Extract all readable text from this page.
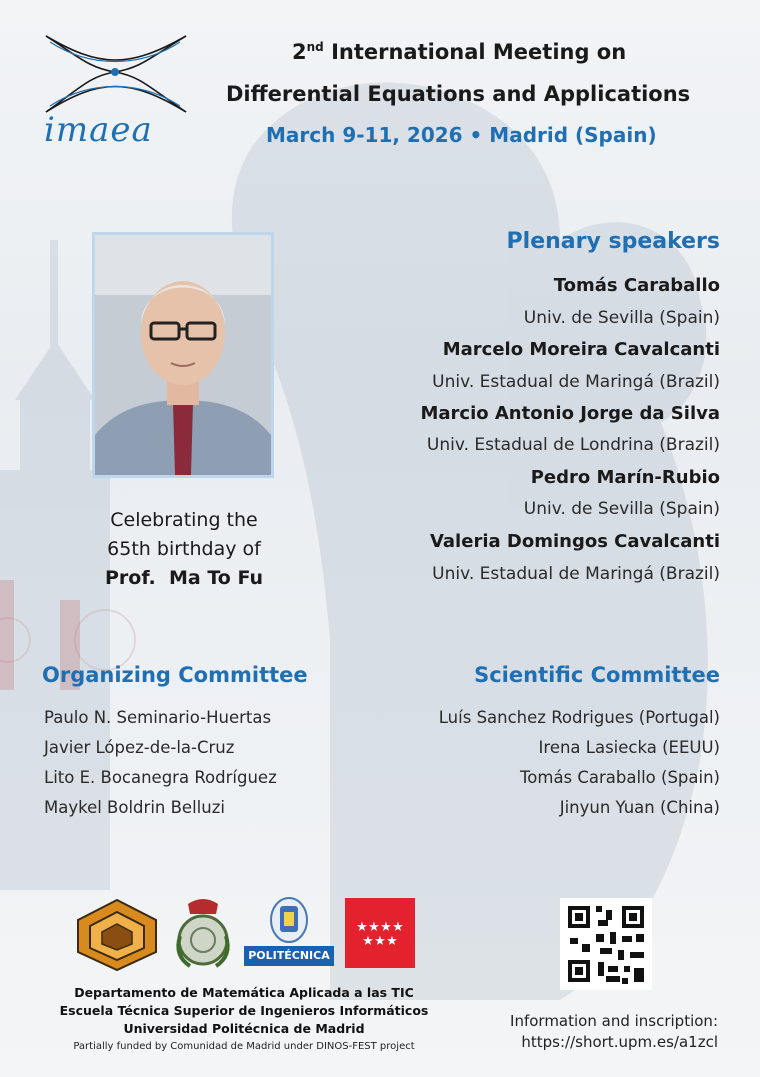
imaea
2nd International Meeting on
Differential Equations and Applications
March 9-11, 2026 • Madrid (Spain)
Celebrating the
65th birthday of
Prof.  Ma To Fu
Plenary speakers
Tomás Caraballo
Univ. de Sevilla (Spain)
Marcelo Moreira Cavalcanti
Univ. Estadual de Maringá (Brazil)
Marcio Antonio Jorge da Silva
Univ. Estadual de Londrina (Brazil)
Pedro Marín-Rubio
Univ. de Sevilla (Spain)
Valeria Domingos Cavalcanti
Univ. Estadual de Maringá (Brazil)
Organizing Committee
Paulo N. Seminario-Huertas
Javier López-de-la-Cruz
Lito E. Bocanegra Rodríguez
Maykel Boldrin Belluzi
Scientific Committee
Luís Sanchez Rodrigues (Portugal)
Irena Lasiecka (EEUU)
Tomás Caraballo (Spain)
Jinyun Yuan (China)
POLITÉCNICA
★ ★ ★ ★
★ ★ ★
Departamento de Matemática Aplicada a las TIC
Escuela Técnica Superior de Ingenieros Informáticos
Universidad Politécnica de Madrid
Partially funded by Comunidad de Madrid under DINOS-FEST project
Information and inscription:
https://short.upm.es/a1zcl
